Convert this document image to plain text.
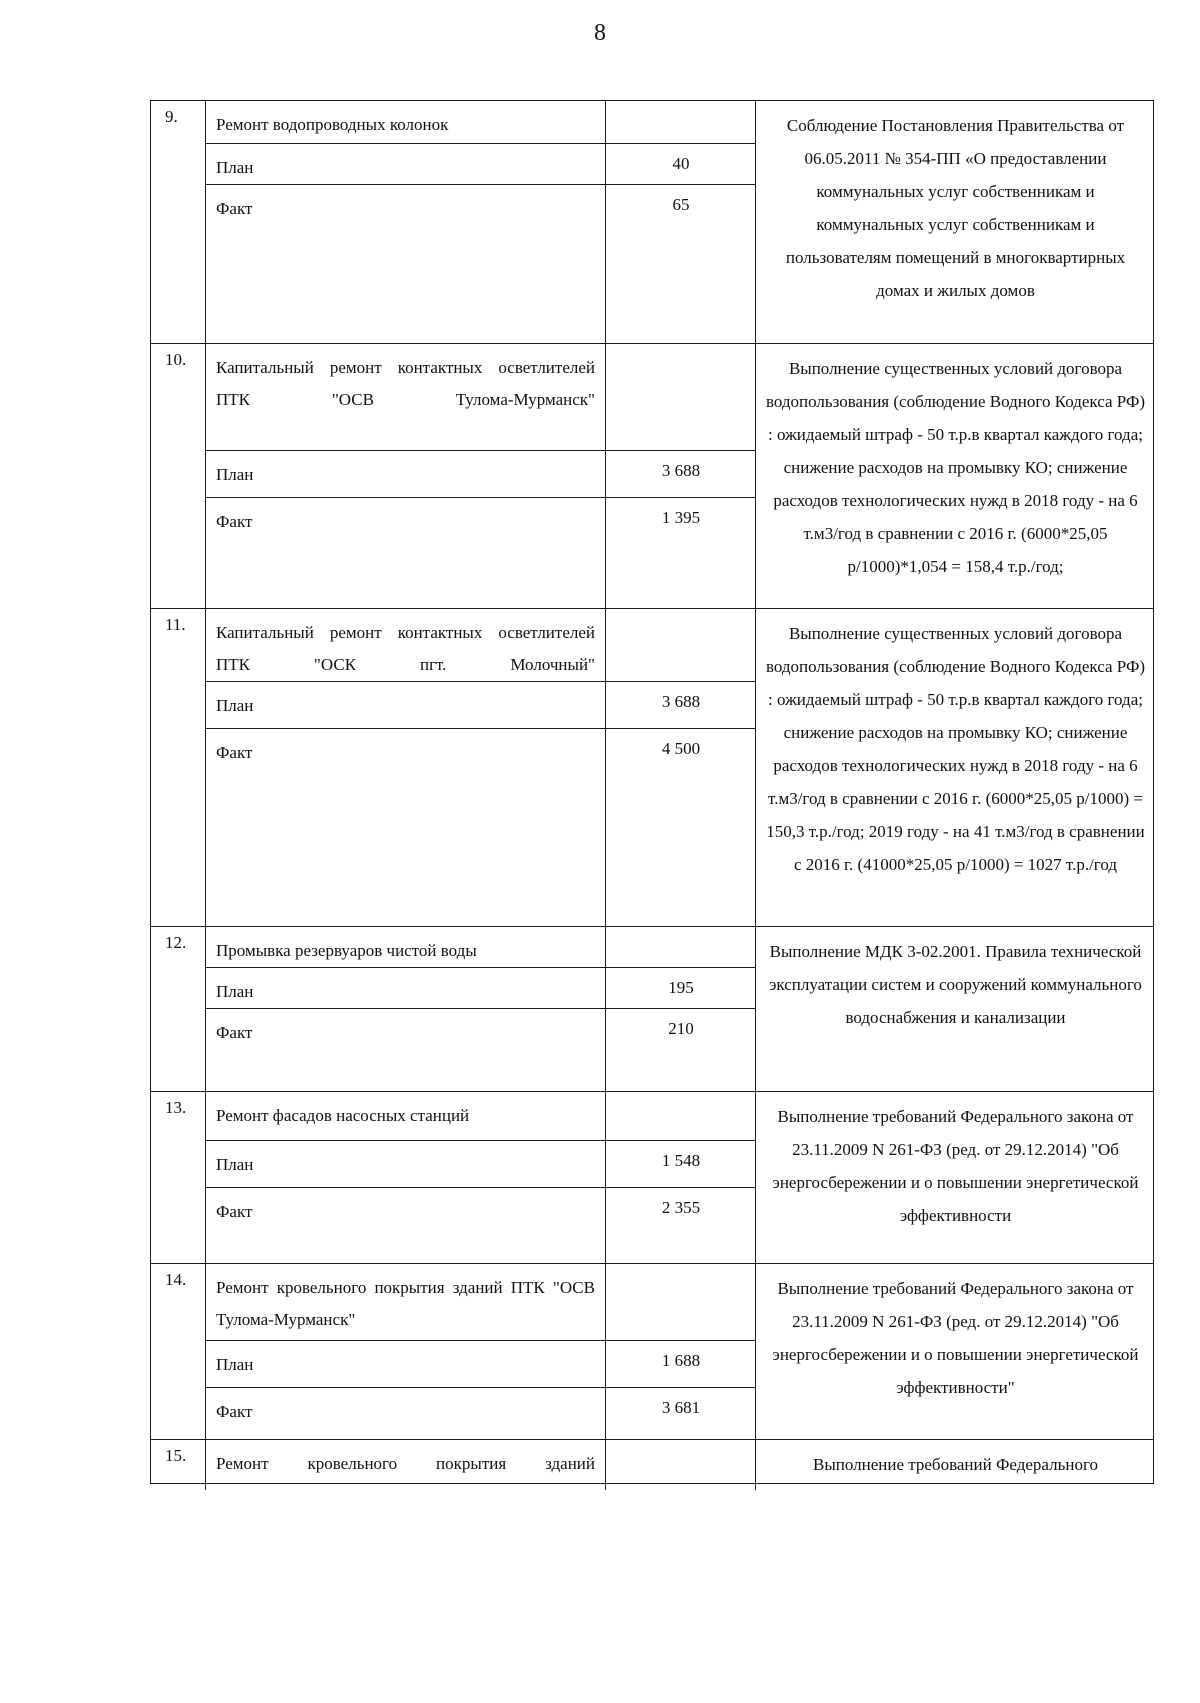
8
9.	Ремонт водопроводных колонок
План	40
Факт	65
Соблюдение Постановления Правительства от 06.05.2011 № 354-ПП «О предоставлении коммунальных услуг собственникам и коммунальных услуг собственникам и пользователям помещений в многоквартирных домах и жилых домов
10.	Капитальный ремонт контактных осветлителей ПТК "ОСВ Тулома-Мурманск"
План	3 688
Факт	1 395
Выполнение существенных условий договора водопользования (соблюдение Водного Кодекса РФ) : ожидаемый штраф - 50 т.р.в квартал каждого года; снижение расходов на промывку КО; снижение расходов технологических нужд в 2018 году - на 6 т.м3/год в сравнении с 2016 г. (6000*25,05 р/1000)*1,054 = 158,4 т.р./год;
11.	Капитальный ремонт контактных осветлителей ПТК "ОСК пгт. Молочный"
План	3 688
Факт	4 500
Выполнение существенных условий договора водопользования (соблюдение Водного Кодекса РФ) : ожидаемый штраф - 50 т.р.в квартал каждого года; снижение расходов на промывку КО; снижение расходов технологических нужд в 2018 году - на 6 т.м3/год в сравнении с 2016 г. (6000*25,05 р/1000) = 150,3 т.р./год; 2019 году - на 41 т.м3/год в сравнении с 2016 г. (41000*25,05 р/1000) = 1027 т.р./год
12.	Промывка резервуаров чистой воды
План	195
Факт	210
Выполнение МДК 3-02.2001. Правила технической эксплуатации систем и сооружений коммунального водоснабжения и канализации
13.	Ремонт фасадов насосных станций
План	1 548
Факт	2 355
Выполнение требований Федерального закона от 23.11.2009 N 261-ФЗ (ред. от 29.12.2014) "Об энергосбережении и о повышении энергетической эффективности
14.	Ремонт кровельного покрытия зданий ПТК "ОСВ Тулома-Мурманск"
План	1 688
Факт	3 681
Выполнение требований Федерального закона от 23.11.2009 N 261-ФЗ (ред. от 29.12.2014) "Об энергосбережении и о повышении энергетической эффективности"
15.	Ремонт кровельного покрытия зданий	Выполнение требований Федерального
